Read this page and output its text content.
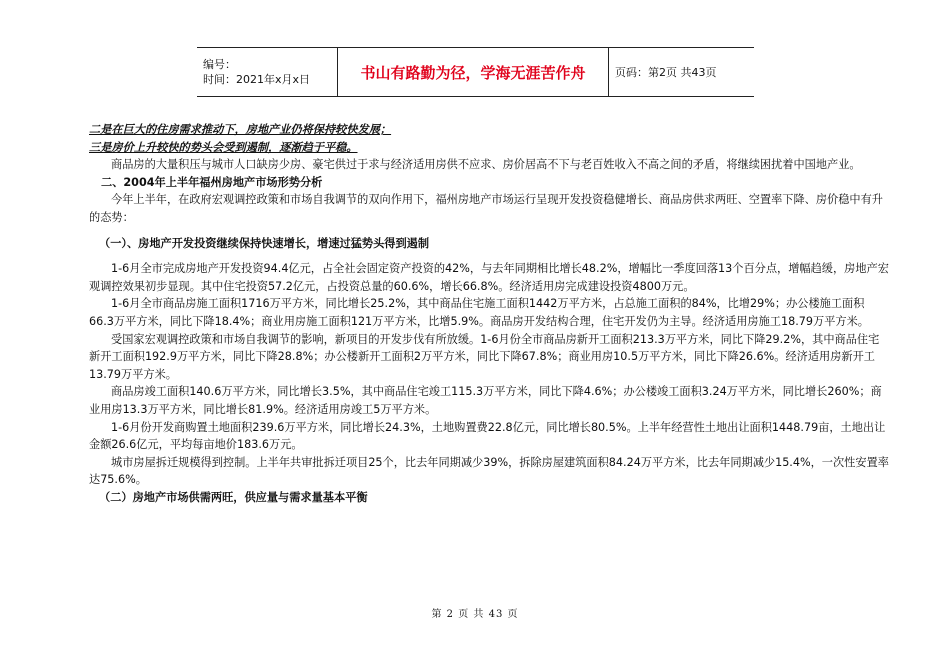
编号：
时间：2021年x月x日	书山有路勤为径，学海无涯苦作舟	页码：第2页 共43页

二是在巨大的住房需求推动下，房地产业仍将保持较快发展；

三是房价上升较快的势头会受到遏制，逐渐趋于平稳。

商品房的大量积压与城市人口缺房少房、豪宅供过于求与经济适用房供不应求、房价居高不下与老百姓收入不高之间的矛盾，将继续困扰着中国地产业。

二、2004年上半年福州房地产市场形势分析

今年上半年，在政府宏观调控政策和市场自我调节的双向作用下，福州房地产市场运行呈现开发投资稳健增长、商品房供求两旺、空置率下降、房价稳中有升的态势：

（一）、房地产开发投资继续保持快速增长，增速过猛势头得到遏制

1-6月全市完成房地产开发投资94.4亿元，占全社会固定资产投资的42%，与去年同期相比增长48.2%，增幅比一季度回落13个百分点，增幅趋缓，房地产宏观调控效果初步显现。其中住宅投资57.2亿元，占投资总量的60.6%，增长66.8%。经济适用房完成建设投资4800万元。

1-6月全市商品房施工面积1716万平方米，同比增长25.2%，其中商品住宅施工面积1442万平方米，占总施工面积的84%，比增29%；办公楼施工面积66.3万平方米，同比下降18.4%；商业用房施工面积121万平方米，比增5.9%。商品房开发结构合理，住宅开发仍为主导。经济适用房施工18.79万平方米。

受国家宏观调控政策和市场自我调节的影响，新项目的开发步伐有所放缓。1-6月份全市商品房新开工面积213.3万平方米，同比下降29.2%，其中商品住宅新开工面积192.9万平方米，同比下降28.8%；办公楼新开工面积2万平方米，同比下降67.8%；商业用房10.5万平方米，同比下降26.6%。经济适用房新开工13.79万平方米。

商品房竣工面积140.6万平方米，同比增长3.5%，其中商品住宅竣工115.3万平方米，同比下降4.6%；办公楼竣工面积3.24万平方米，同比增长260%；商业用房13.3万平方米，同比增长81.9%。经济适用房竣工5万平方米。

1-6月份开发商购置土地面积239.6万平方米，同比增长24.3%，土地购置费22.8亿元，同比增长80.5%。上半年经营性土地出让面积1448.79亩，土地出让金额26.6亿元，平均每亩地价183.6万元。

城市房屋拆迁规模得到控制。上半年共审批拆迁项目25个，比去年同期减少39%，拆除房屋建筑面积84.24万平方米，比去年同期减少15.4%，一次性安置率达75.6%。

（二）房地产市场供需两旺，供应量与需求量基本平衡

第 2 页 共 43 页
